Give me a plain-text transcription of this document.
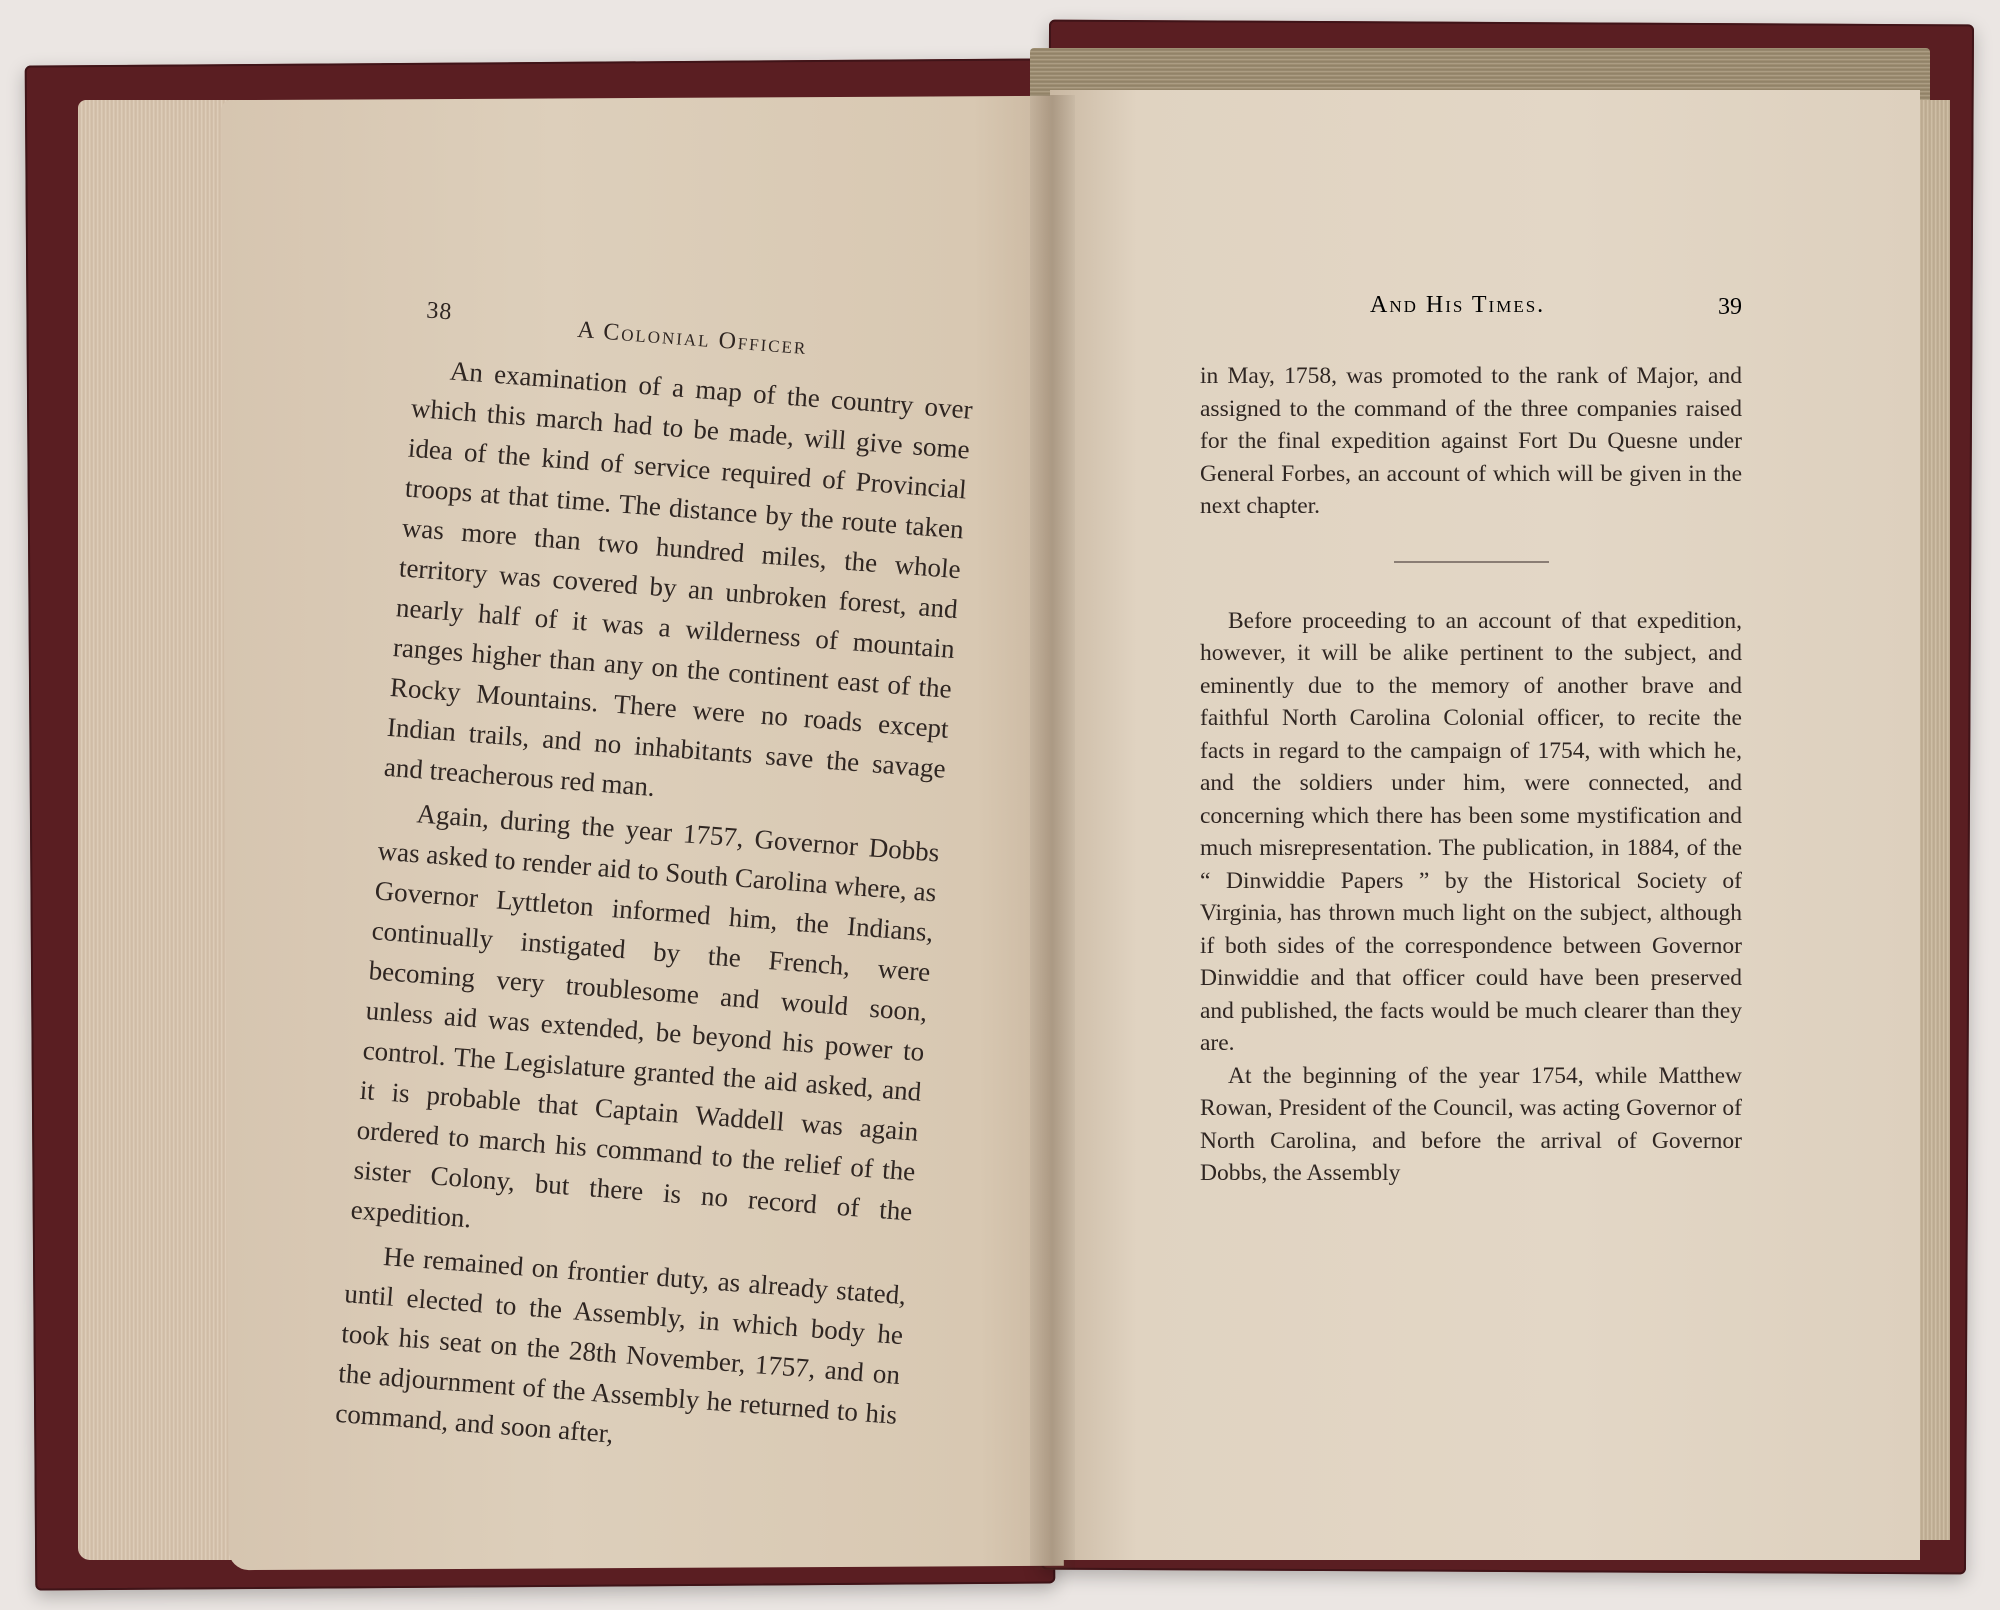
38
A Colonial Officer

An examination of a map of the country over which this march had to be made, will give some idea of the kind of service required of Provincial troops at that time. The distance by the route taken was more than two hundred miles, the whole territory was covered by an unbroken forest, and nearly half of it was a wilderness of mountain ranges higher than any on the continent east of the Rocky Mountains. There were no roads except Indian trails, and no inhabitants save the savage and treacherous red man.

Again, during the year 1757, Governor Dobbs was asked to render aid to South Carolina where, as Governor Lyttleton informed him, the Indians, continually instigated by the French, were becoming very troublesome and would soon, unless aid was extended, be beyond his power to control. The Legislature granted the aid asked, and it is probable that Captain Waddell was again ordered to march his command to the relief of the sister Colony, but there is no record of the expedition.

He remained on frontier duty, as already stated, until elected to the Assembly, in which body he took his seat on the 28th November, 1757, and on the adjournment of the Assembly he returned to his command, and soon after,

And His Times.	39

in May, 1758, was promoted to the rank of Major, and assigned to the command of the three companies raised for the final expedition against Fort Du Quesne under General Forbes, an account of which will be given in the next chapter.

Before proceeding to an account of that expedition, however, it will be alike pertinent to the subject, and eminently due to the memory of another brave and faithful North Carolina Colonial officer, to recite the facts in regard to the campaign of 1754, with which he, and the soldiers under him, were connected, and concerning which there has been some mystification and much misrepresentation. The publication, in 1884, of the “ Dinwiddie Papers ” by the Historical Society of Virginia, has thrown much light on the subject, although if both sides of the correspondence between Governor Dinwiddie and that officer could have been preserved and published, the facts would be much clearer than they are.

At the beginning of the year 1754, while Matthew Rowan, President of the Council, was acting Governor of North Carolina, and before the arrival of Governor Dobbs, the Assembly
